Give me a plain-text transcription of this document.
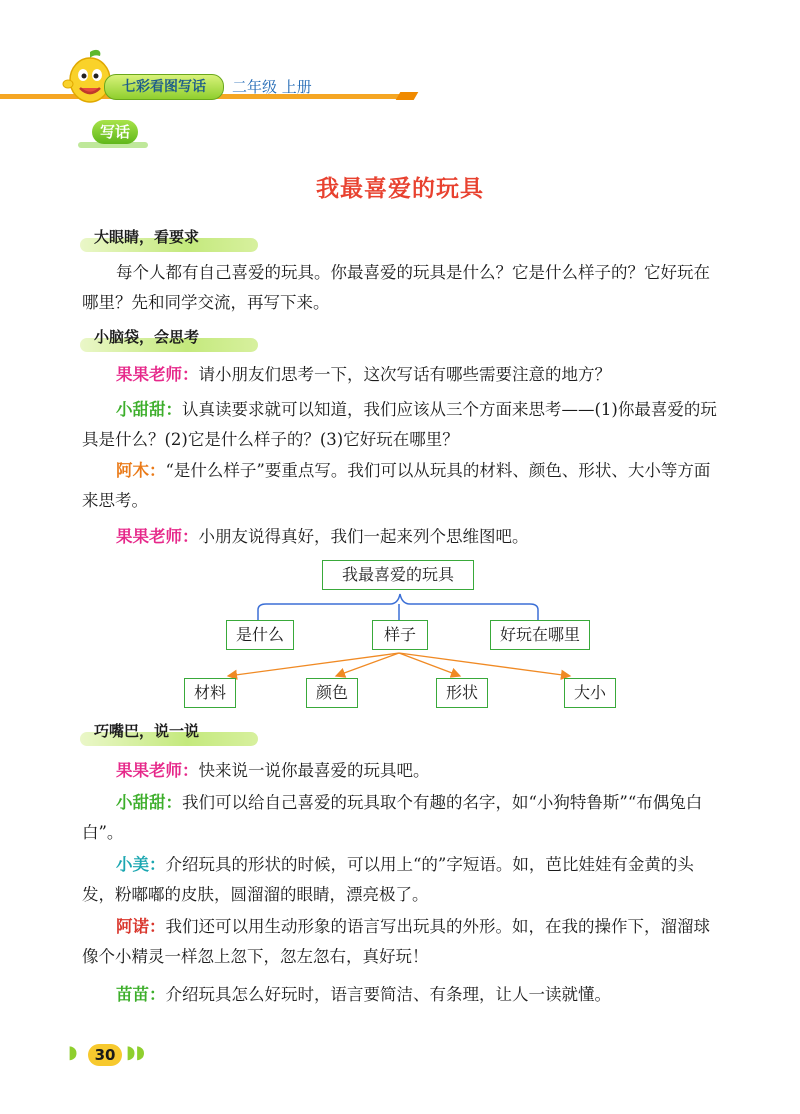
七彩看图写话	二年级 上册
写话
我最喜爱的玩具
大眼睛，看要求
每个人都有自己喜爱的玩具。你最喜爱的玩具是什么？它是什么样子的？它好玩在哪里？先和同学交流，再写下来。
小脑袋，会思考
果果老师：请小朋友们思考一下，这次写话有哪些需要注意的地方？
小甜甜：认真读要求就可以知道，我们应该从三个方面来思考——(1)你最喜爱的玩具是什么？(2)它是什么样子的？(3)它好玩在哪里？
阿木：“是什么样子”要重点写。我们可以从玩具的材料、颜色、形状、大小等方面来思考。
果果老师：小朋友说得真好，我们一起来列个思维图吧。
我最喜爱的玩具
是什么	样子	好玩在哪里
材料	颜色	形状	大小
巧嘴巴，说一说
果果老师：快来说一说你最喜爱的玩具吧。
小甜甜：我们可以给自己喜爱的玩具取个有趣的名字，如“小狗特鲁斯”“布偶兔白白”。
小美：介绍玩具的形状的时候，可以用上“的”字短语。如，芭比娃娃有金黄的头发，粉嘟嘟的皮肤，圆溜溜的眼睛，漂亮极了。
阿诺：我们还可以用生动形象的语言写出玩具的外形。如，在我的操作下，溜溜球像个小精灵一样忽上忽下，忽左忽右，真好玩！
苗苗：介绍玩具怎么好玩时，语言要简洁、有条理，让人一读就懂。
◗	30 ◗◗
